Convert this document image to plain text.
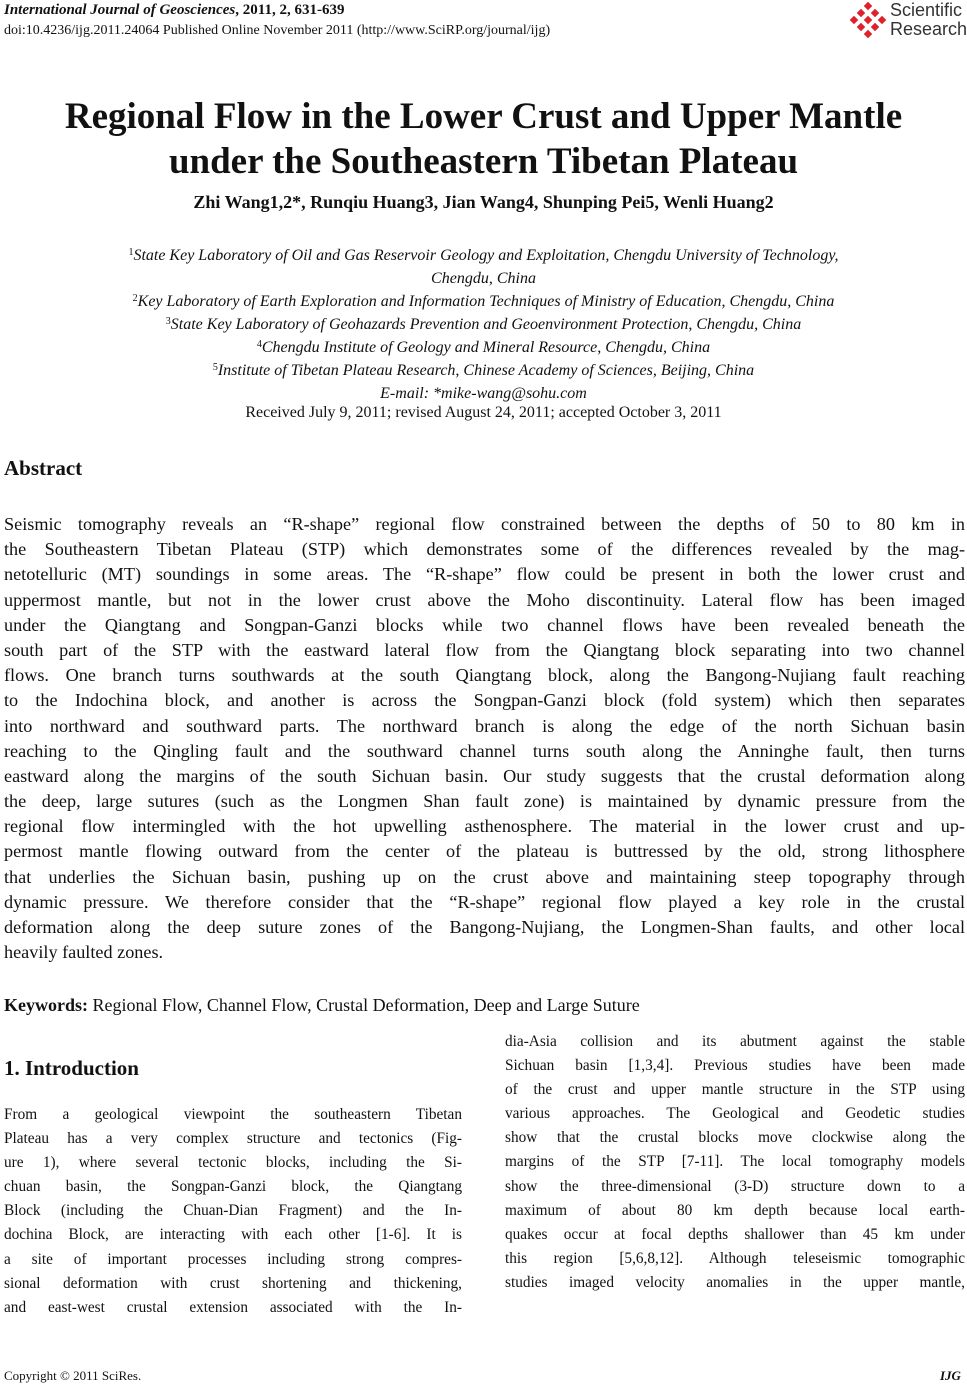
International Journal of Geosciences, 2011, 2, 631-639
doi:10.4236/ijg.2011.24064 Published Online November 2011 (http://www.SciRP.org/journal/ijg)
Scientific
Research
Regional Flow in the Lower Crust and Upper Mantle
under the Southeastern Tibetan Plateau
Zhi Wang1,2*, Runqiu Huang3, Jian Wang4, Shunping Pei5, Wenli Huang2
$^1$State Key Laboratory of Oil and Gas Reservoir Geology and Exploitation, Chengdu University of Technology,
Chengdu, China
$^2$Key Laboratory of Earth Exploration and Information Techniques of Ministry of Education, Chengdu, China
$^3$State Key Laboratory of Geohazards Prevention and Geoenvironment Protection, Chengdu, China
$^4$Chengdu Institute of Geology and Mineral Resource, Chengdu, China
$^5$Institute of Tibetan Plateau Research, Chinese Academy of Sciences, Beijing, China
E-mail: *mike-wang@sohu.com
Received July 9, 2011; revised August 24, 2011; accepted October 3, 2011
Abstract
Seismic tomography reveals an “R-shape” regional flow constrained between the depths of 50 to 80 km in
the Southeastern Tibetan Plateau (STP) which demonstrates some of the differences revealed by the mag-
netotelluric (MT) soundings in some areas. The “R-shape” flow could be present in both the lower crust and
uppermost mantle, but not in the lower crust above the Moho discontinuity. Lateral flow has been imaged
under the Qiangtang and Songpan-Ganzi blocks while two channel flows have been revealed beneath the
south part of the STP with the eastward lateral flow from the Qiangtang block separating into two channel
flows. One branch turns southwards at the south Qiangtang block, along the Bangong-Nujiang fault reaching
to the Indochina block, and another is across the Songpan-Ganzi block (fold system) which then separates
into northward and southward parts. The northward branch is along the edge of the north Sichuan basin
reaching to the Qingling fault and the southward channel turns south along the Anninghe fault, then turns
eastward along the margins of the south Sichuan basin. Our study suggests that the crustal deformation along
the deep, large sutures (such as the Longmen Shan fault zone) is maintained by dynamic pressure from the
regional flow intermingled with the hot upwelling asthenosphere. The material in the lower crust and up-
permost mantle flowing outward from the center of the plateau is buttressed by the old, strong lithosphere
that underlies the Sichuan basin, pushing up on the crust above and maintaining steep topography through
dynamic pressure. We therefore consider that the “R-shape” regional flow played a key role in the crustal
deformation along the deep suture zones of the Bangong-Nujiang, the Longmen-Shan faults, and other local
heavily faulted zones.
Keywords: Regional Flow, Channel Flow, Crustal Deformation, Deep and Large Suture
1. Introduction
From a geological viewpoint the southeastern Tibetan
Plateau has a very complex structure and tectonics (Fig-
ure 1), where several tectonic blocks, including the Si-
chuan basin, the Songpan-Ganzi block, the Qiangtang
Block (including the Chuan-Dian Fragment) and the In-
dochina Block, are interacting with each other [1-6]. It is
a site of important processes including strong compres-
sional deformation with crust shortening and thickening,
and east-west crustal extension associated with the In-
dia-Asia collision and its abutment against the stable
Sichuan basin [1,3,4]. Previous studies have been made
of the crust and upper mantle structure in the STP using
various approaches. The Geological and Geodetic studies
show that the crustal blocks move clockwise along the
margins of the STP [7-11]. The local tomography models
show the three-dimensional (3-D) structure down to a
maximum of about 80 km depth because local earth-
quakes occur at focal depths shallower than 45 km under
this region [5,6,8,12]. Although teleseismic tomographic
studies imaged velocity anomalies in the upper mantle,
Copyright © 2011 SciRes.	IJG
